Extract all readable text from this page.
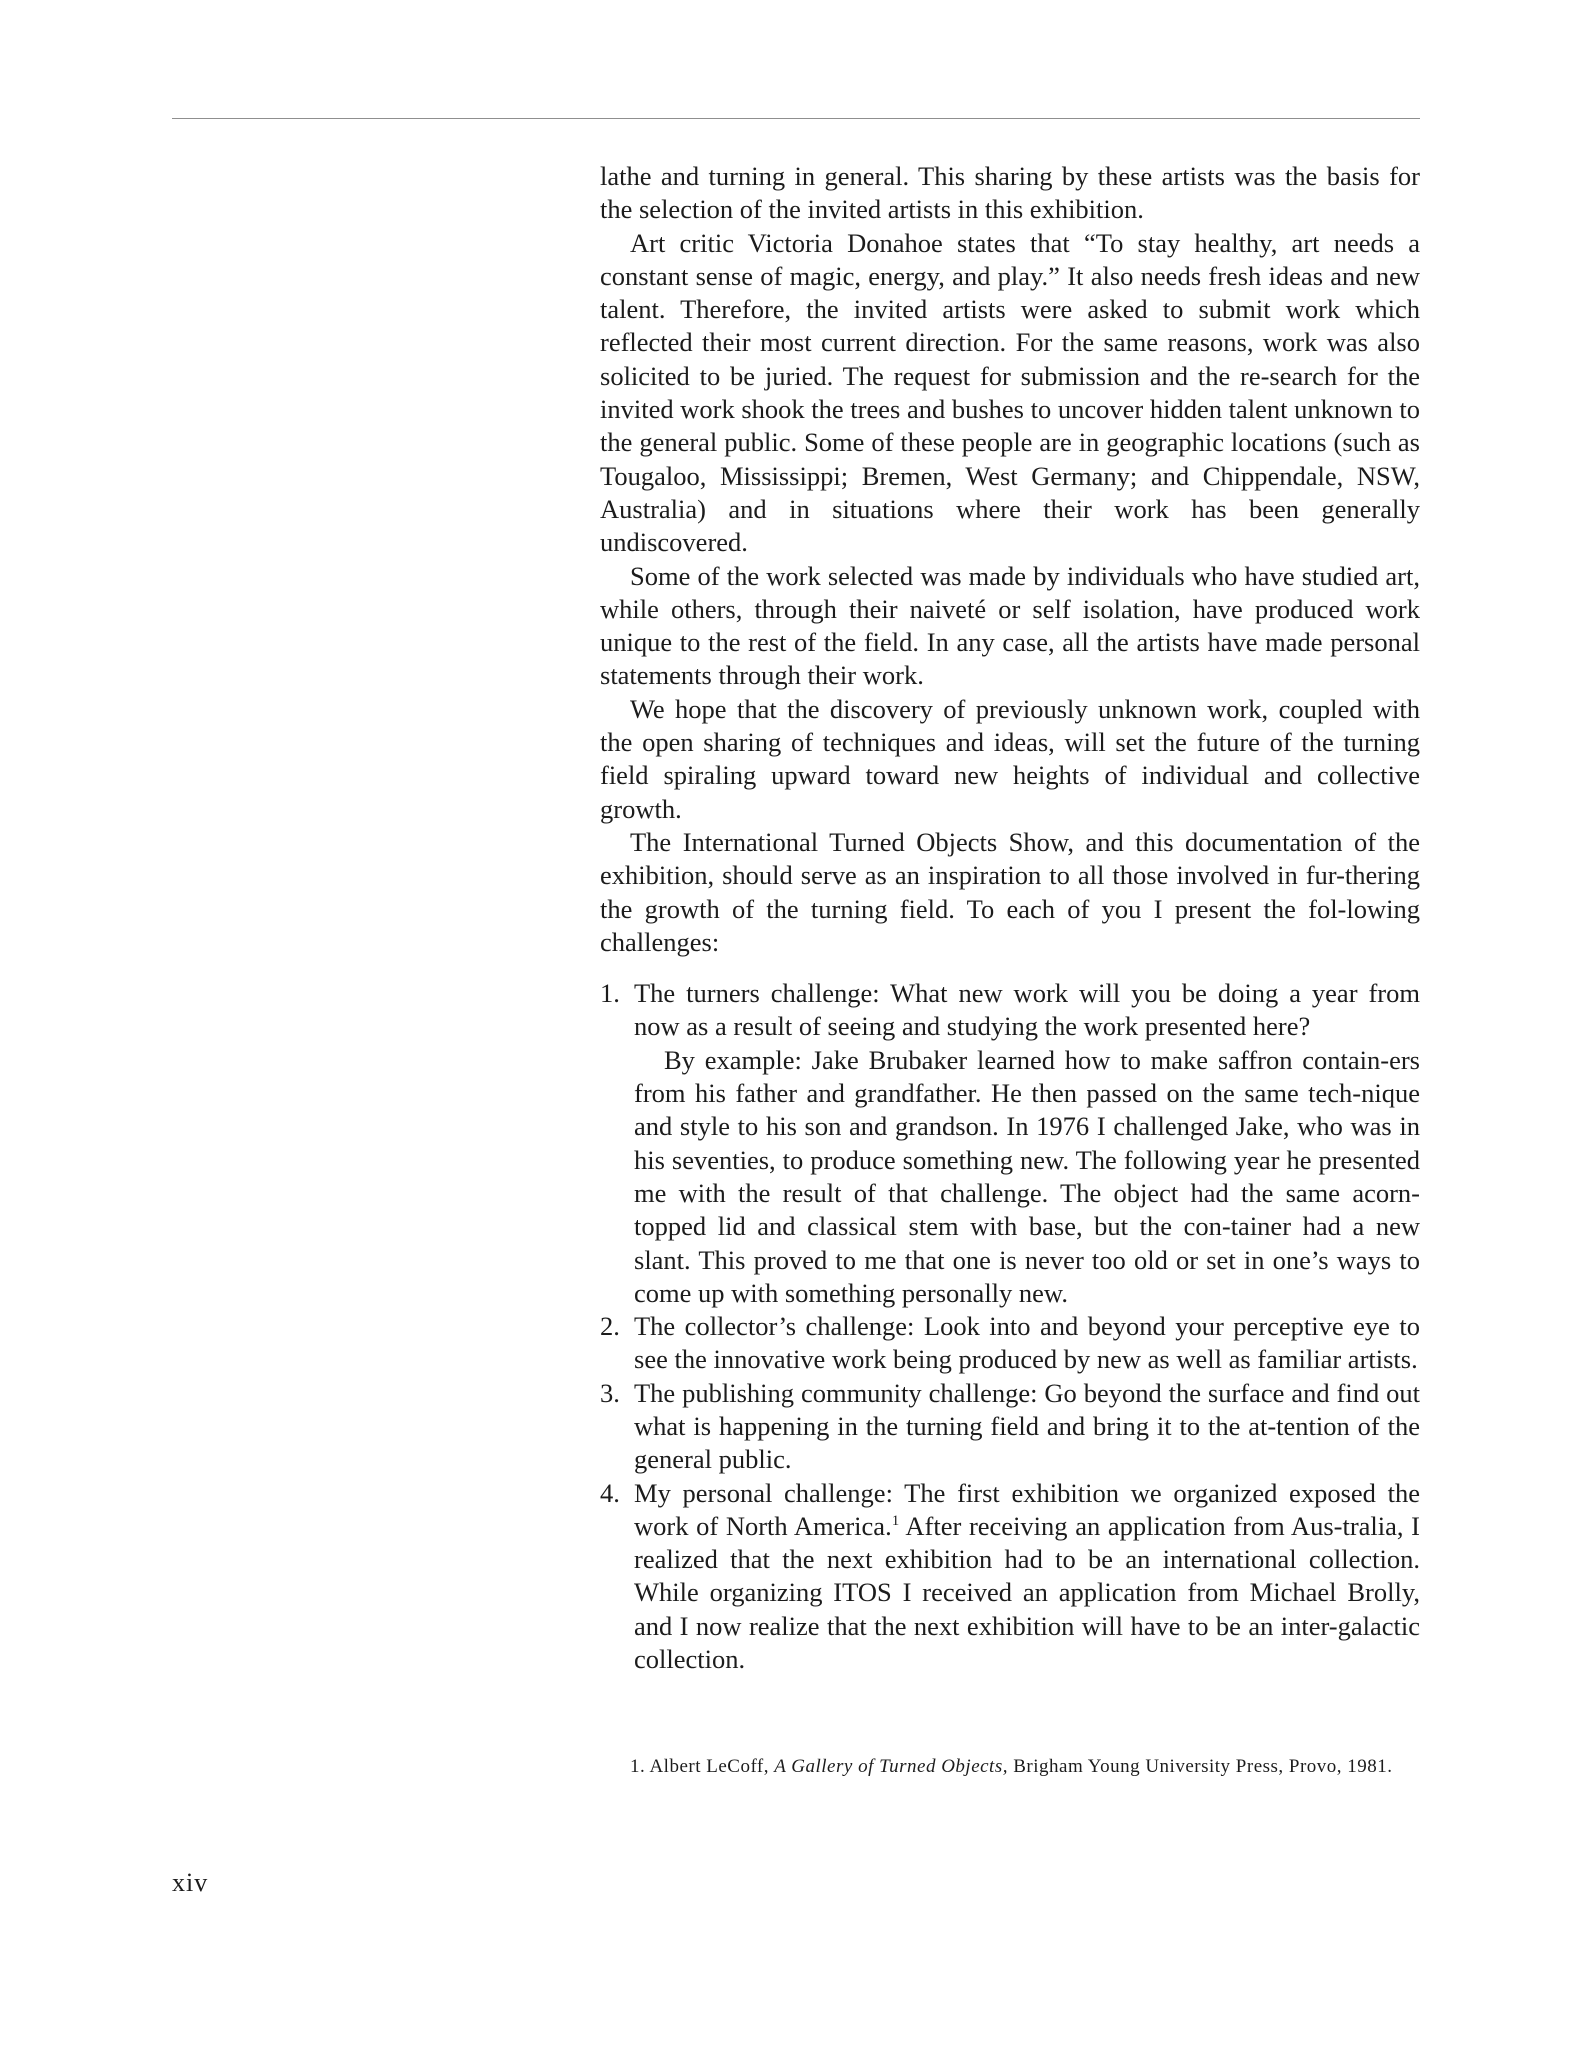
lathe and turning in general. This sharing by these artists was the basis for the selection of the invited artists in this exhibition.

Art critic Victoria Donahoe states that “To stay healthy, art needs a constant sense of magic, energy, and play.” It also needs fresh ideas and new talent. Therefore, the invited artists were asked to submit work which reflected their most current direction. For the same reasons, work was also solicited to be juried. The request for submission and the re-search for the invited work shook the trees and bushes to uncover hidden talent unknown to the general public. Some of these people are in geographic locations (such as Tougaloo, Mississippi; Bremen, West Germany; and Chippendale, NSW, Australia) and in situations where their work has been generally undiscovered.

Some of the work selected was made by individuals who have studied art, while others, through their naiveté or self isolation, have produced work unique to the rest of the field. In any case, all the artists have made personal statements through their work.

We hope that the discovery of previously unknown work, coupled with the open sharing of techniques and ideas, will set the future of the turning field spiraling upward toward new heights of individual and collective growth.

The International Turned Objects Show, and this documentation of the exhibition, should serve as an inspiration to all those involved in fur-thering the growth of the turning field. To each of you I present the fol-lowing challenges:

1. The turners challenge: What new work will you be doing a year from now as a result of seeing and studying the work presented here?
By example: Jake Brubaker learned how to make saffron contain-ers from his father and grandfather. He then passed on the same tech-nique and style to his son and grandson. In 1976 I challenged Jake, who was in his seventies, to produce something new. The following year he presented me with the result of that challenge. The object had the same acorn-topped lid and classical stem with base, but the con-tainer had a new slant. This proved to me that one is never too old or set in one’s ways to come up with something personally new.
2. The collector’s challenge: Look into and beyond your perceptive eye to see the innovative work being produced by new as well as familiar artists.
3. The publishing community challenge: Go beyond the surface and find out what is happening in the turning field and bring it to the at-tention of the general public.
4. My personal challenge: The first exhibition we organized exposed the work of North America.$^1$ After receiving an application from Aus-tralia, I realized that the next exhibition had to be an international collection. While organizing ITOS I received an application from Michael Brolly, and I now realize that the next exhibition will have to be an inter-galactic collection.
1. Albert LeCoff, A Gallery of Turned Objects, Brigham Young University Press, Provo, 1981.
xiv
